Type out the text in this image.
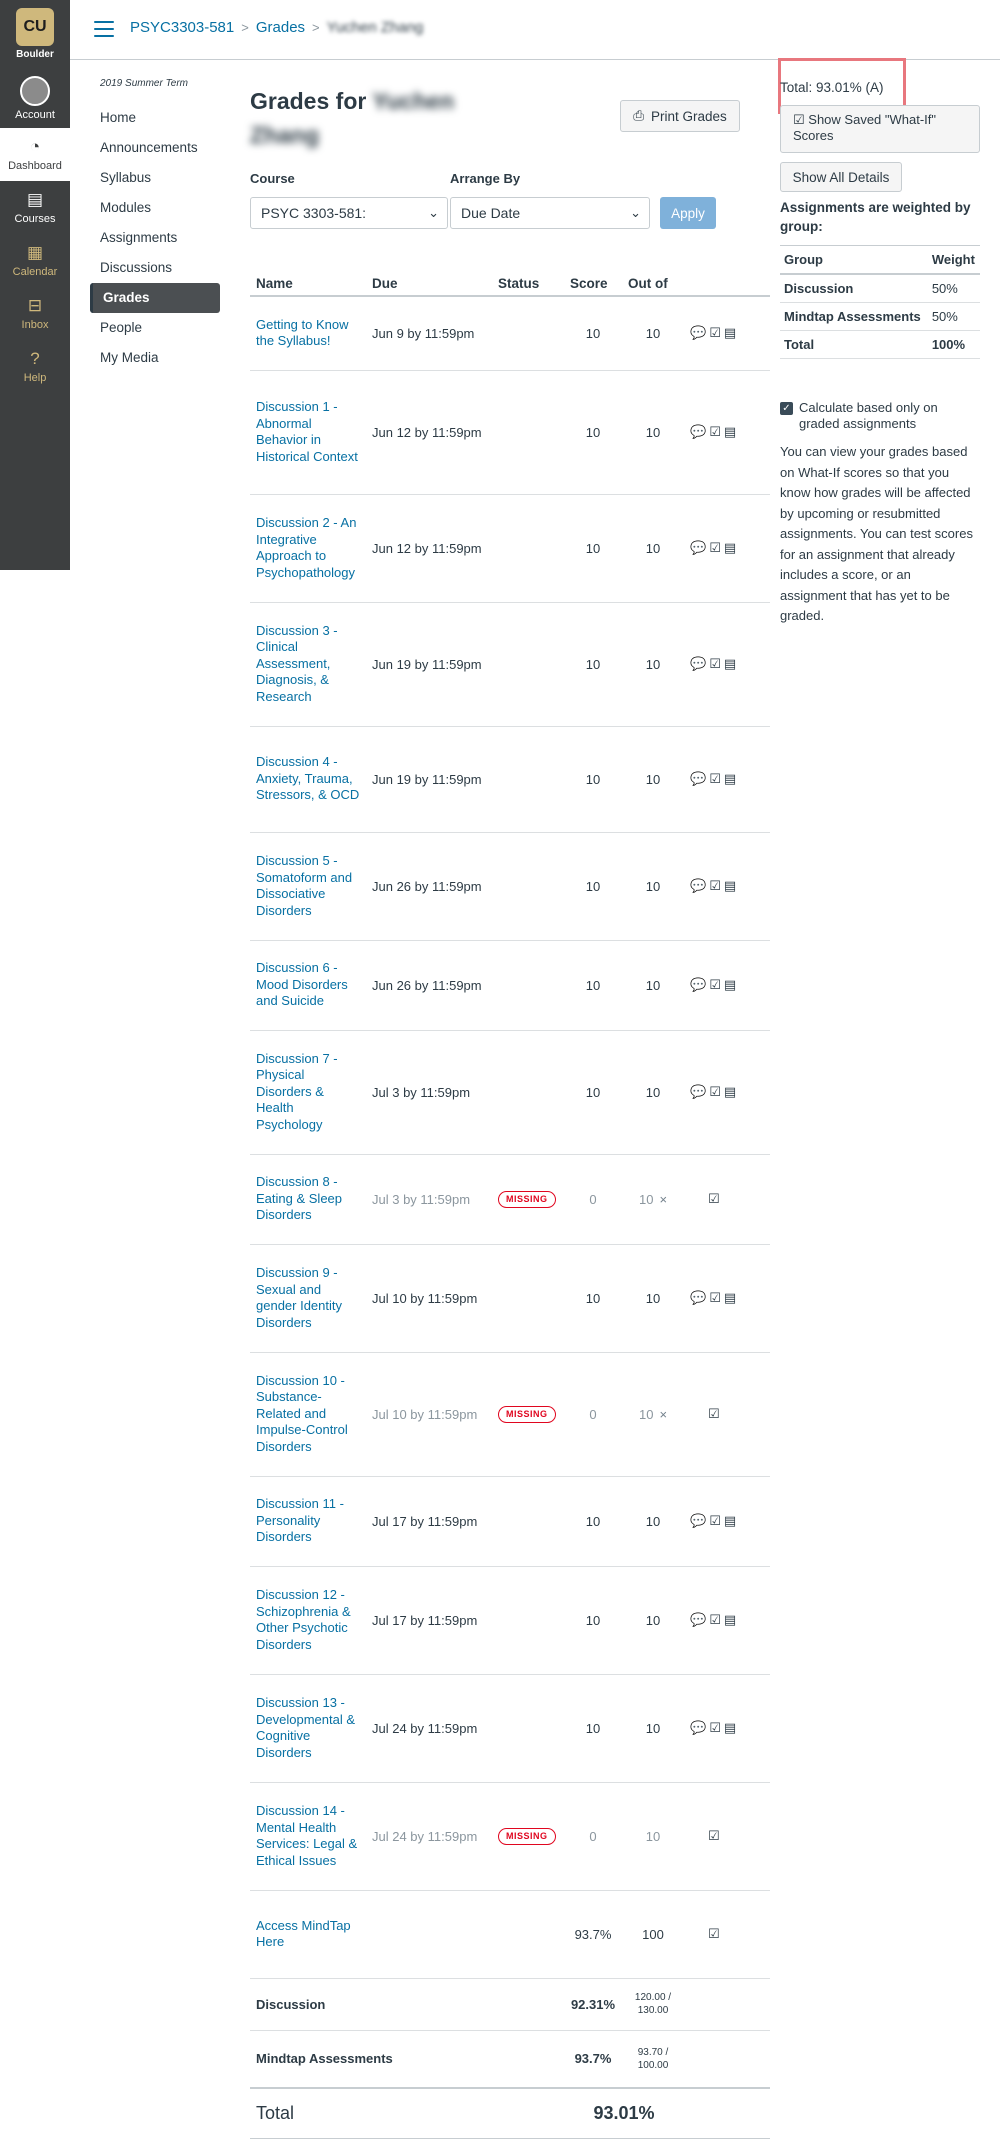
CU
Boulder
Account
◔
Dashboard
▤
Courses
▦
Calendar
⊟
Inbox
?
Help
PSYC3303-581 > Grades > Yuchen Zhang
2019 Summer Term
Home
Announcements
Syllabus
Modules
Assignments
Discussions
Grades
People
My Media
Grades for Yuchen Zhang
⎙ Print Grades
Course	Arrange By
PSYC 3303-581:	⌄	Due Date	⌄	Apply
Name	Due	Status	Score	Out of	

Getting to Know the Syllabus!	Jun 9 by 11:59pm		10	10	💬 ☑ ▤

Discussion 1 - Abnormal Behavior in Historical Context	Jun 12 by 11:59pm		10	10	💬 ☑ ▤

Discussion 2 - An Integrative Approach to Psychopathology	Jun 12 by 11:59pm		10	10	💬 ☑ ▤

Discussion 3 - Clinical Assessment, Diagnosis, & Research	Jun 19 by 11:59pm		10	10	💬 ☑ ▤

Discussion 4 - Anxiety, Trauma, Stressors, & OCD	Jun 19 by 11:59pm		10	10	💬 ☑ ▤

Discussion 5 - Somatoform and Dissociative Disorders	Jun 26 by 11:59pm		10	10	💬 ☑ ▤

Discussion 6 - Mood Disorders and Suicide	Jun 26 by 11:59pm		10	10	💬 ☑ ▤

Discussion 7 - Physical Disorders & Health Psychology	Jul 3 by 11:59pm		10	10	💬 ☑ ▤

Discussion 8 - Eating & Sleep Disorders	Jul 3 by 11:59pm	MISSING	0	10 ×	☑

Discussion 9 - Sexual and gender Identity Disorders	Jul 10 by 11:59pm		10	10	💬 ☑ ▤

Discussion 10 - Substance-Related and Impulse-Control Disorders	Jul 10 by 11:59pm	MISSING	0	10 ×	☑

Discussion 11 - Personality Disorders	Jul 17 by 11:59pm		10	10	💬 ☑ ▤

Discussion 12 - Schizophrenia & Other Psychotic Disorders	Jul 17 by 11:59pm		10	10	💬 ☑ ▤

Discussion 13 - Developmental & Cognitive Disorders	Jul 24 by 11:59pm		10	10	💬 ☑ ▤

Discussion 14 - Mental Health Services: Legal & Ethical Issues	Jul 24 by 11:59pm	MISSING	0	10	☑

Access MindTap Here			93.7%	100	☑
Discussion			92.31%	120.00 / 130.00	
Mindtap Assessments			93.7%	93.70 / 100.00	
Total			93.01%		
Total: 93.01% (A)
☑ Show Saved "What-If" Scores
Show All Details
Assignments are weighted by group:
Group	Weight
Discussion	50%
Mindtap Assessments	50%
Total	100%
✓ Calculate based only on graded assignments

You can view your grades based on What-If scores so that you know how grades will be affected by upcoming or resubmitted assignments. You can test scores for an assignment that already includes a score, or an assignment that has yet to be graded.
